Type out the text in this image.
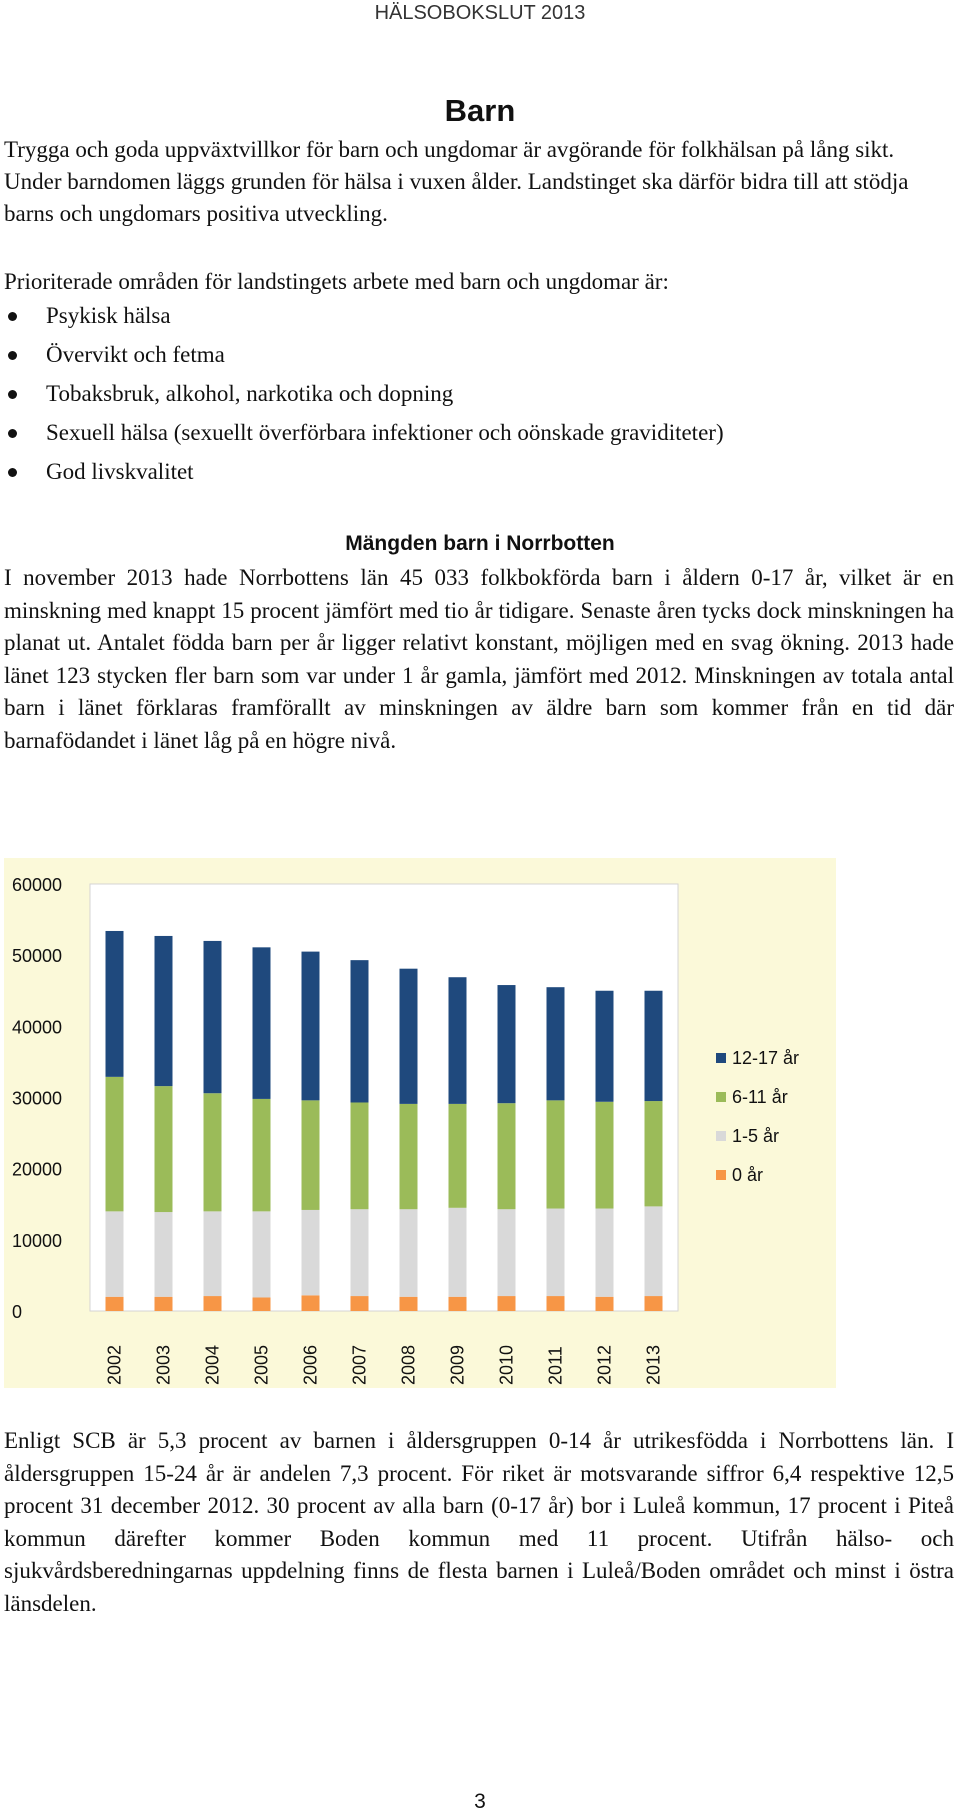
HÄLSOBOKSLUT 2013
Barn

Trygga och goda uppväxtvillkor för barn och ungdomar är avgörande för folkhälsan på lång sikt. Under barndomen läggs grunden för hälsa i vuxen ålder. Landstinget ska därför bidra till att stödja barns och ungdomars positiva utveckling.

Prioriterade områden för landstingets arbete med barn och ungdomar är:

Psykisk hälsa
Övervikt och fetma
Tobaksbruk, alkohol, narkotika och dopning
Sexuell hälsa (sexuellt överförbara infektioner och oönskade graviditeter)
God livskvalitet
Mängden barn i Norrbotten

I november 2013 hade Norrbottens län 45 033 folkbokförda barn i åldern 0-17 år, vilket är en minskning med knappt 15 procent jämfört med tio år tidigare. Senaste åren tycks dock minskningen ha planat ut. Antalet födda barn per år ligger relativt konstant, möjligen med en svag ökning. 2013 hade länet 123 stycken fler barn som var under 1 år gamla, jämfört med 2012. Minskningen av totala antal barn i länet förklaras framförallt av minskningen av äldre barn som kommer från en tid där barnafödandet i länet låg på en högre nivå.

0
10000
20000
30000
40000
50000
60000
2002 2003 2004 2005 2006 2007 2008 2009 2010 2011 2012 2013
12-17 år
6-11 år
1-5 år
0 år

Enligt SCB är 5,3 procent av barnen i åldersgruppen 0-14 år utrikesfödda i Norrbottens län. I åldersgruppen 15-24 år är andelen 7,3 procent. För riket är motsvarande siffror 6,4 respektive 12,5 procent 31 december 2012. 30 procent av alla barn (0-17 år) bor i Luleå kommun, 17 procent i Piteå kommun därefter kommer Boden kommun med 11 procent. Utifrån hälso- och sjukvårdsberedningarnas uppdelning finns de flesta barnen i Luleå/Boden området och minst i östra länsdelen.

3
